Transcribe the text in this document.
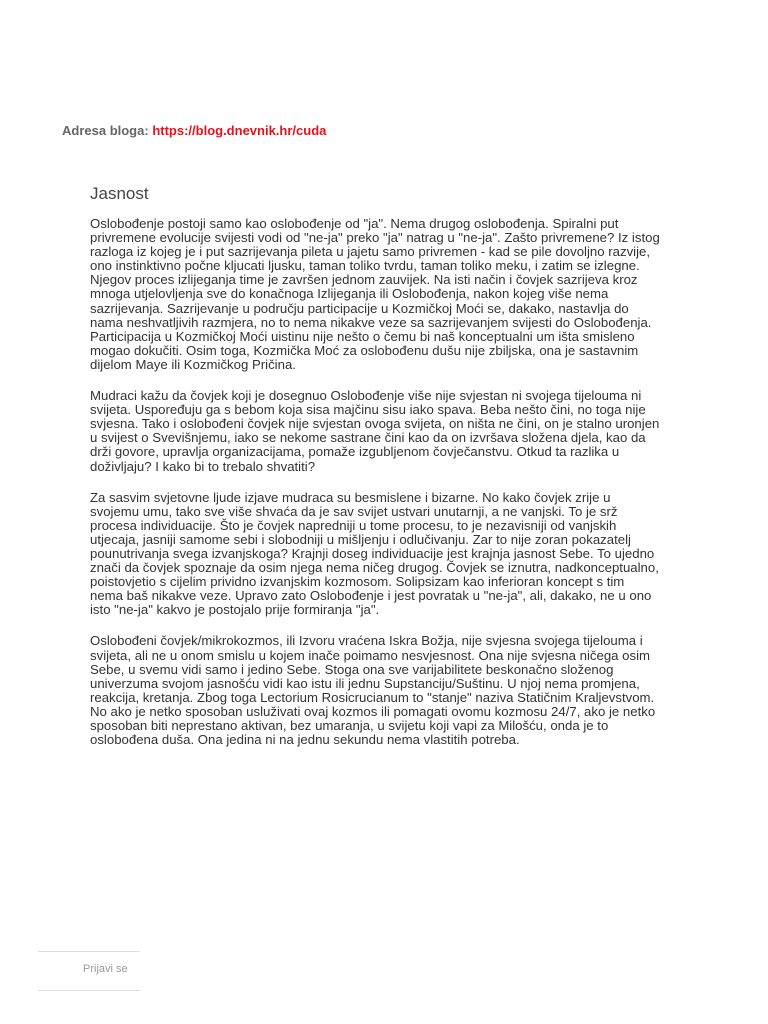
Adresa bloga: https://blog.dnevnik.hr/cuda
Jasnost

Oslobođenje postoji samo kao oslobođenje od "ja". Nema drugog oslobođenja. Spiralni put privremene evolucije svijesti vodi od "ne-ja" preko "ja" natrag u "ne-ja". Zašto privremene? Iz istog razloga iz kojeg je i put sazrijevanja pileta u jajetu samo privremen - kad se pile dovoljno razvije, ono instinktivno počne kljucati ljusku, taman toliko tvrdu, taman toliko meku, i zatim se izlegne. Njegov proces izlijeganja time je završen jednom zauvijek. Na isti način i čovjek sazrijeva kroz mnoga utjelovljenja sve do konačnoga Izlijeganja ili Oslobođenja, nakon kojeg više nema sazrijevanja. Sazrijevanje u području participacije u Kozmičkoj Moći se, dakako, nastavlja do nama neshvatljivih razmjera, no to nema nikakve veze sa sazrijevanjem svijesti do Oslobođenja. Participacija u Kozmičkoj Moći uistinu nije nešto o čemu bi naš konceptualni um išta smisleno mogao dokučiti. Osim toga, Kozmička Moć za oslobođenu dušu nije zbiljska, ona je sastavnim dijelom Maye ili Kozmičkog Pričina.

Mudraci kažu da čovjek koji je dosegnuo Oslobođenje više nije svjestan ni svojega tijelouma ni svijeta. Uspoređuju ga s bebom koja sisa majčinu sisu iako spava. Beba nešto čini, no toga nije svjesna. Tako i oslobođeni čovjek nije svjestan ovoga svijeta, on ništa ne čini, on je stalno uronjen u svijest o Svevišnjemu, iako se nekome sastrane čini kao da on izvršava složena djela, kao da drži govore, upravlja organizacijama, pomaže izgubljenom čovječanstvu. Otkud ta razlika u doživljaju? I kako bi to trebalo shvatiti?

Za sasvim svjetovne ljude izjave mudraca su besmislene i bizarne. No kako čovjek zrije u svojemu umu, tako sve više shvaća da je sav svijet ustvari unutarnji, a ne vanjski. To je srž procesa individuacije. Što je čovjek napredniji u tome procesu, to je nezavisniji od vanjskih utjecaja, jasniji samome sebi i slobodniji u mišljenju i odlučivanju. Zar to nije zoran pokazatelj pounutrivanja svega izvanjskoga? Krajnji doseg individuacije jest krajnja jasnost Sebe. To ujedno znači da čovjek spoznaje da osim njega nema ničeg drugog. Čovjek se iznutra, nadkonceptualno, poistovjetio s cijelim prividno izvanjskim kozmosom. Solipsizam kao inferioran koncept s tim nema baš nikakve veze. Upravo zato Oslobođenje i jest povratak u "ne-ja", ali, dakako, ne u ono isto "ne-ja" kakvo je postojalo prije formiranja "ja".

Oslobođeni čovjek/mikrokozmos, ili Izvoru vraćena Iskra Božja, nije svjesna svojega tijelouma i svijeta, ali ne u onom smislu u kojem inače poimamo nesvjesnost. Ona nije svjesna ničega osim Sebe, u svemu vidi samo i jedino Sebe. Stoga ona sve varijabilitete beskonačno složenog univerzuma svojom jasnošću vidi kao istu ili jednu Supstanciju/Suštinu. U njoj nema promjena, reakcija, kretanja. Zbog toga Lectorium Rosicrucianum to "stanje" naziva Statičnim Kraljevstvom. No ako je netko sposoban usluživati ovaj kozmos ili pomagati ovomu kozmosu 24/7, ako je netko sposoban biti neprestano aktivan, bez umaranja, u svijetu koji vapi za Milošću, onda je to oslobođena duša. Ona jedina ni na jednu sekundu nema vlastitih potreba.

Prijavi se
